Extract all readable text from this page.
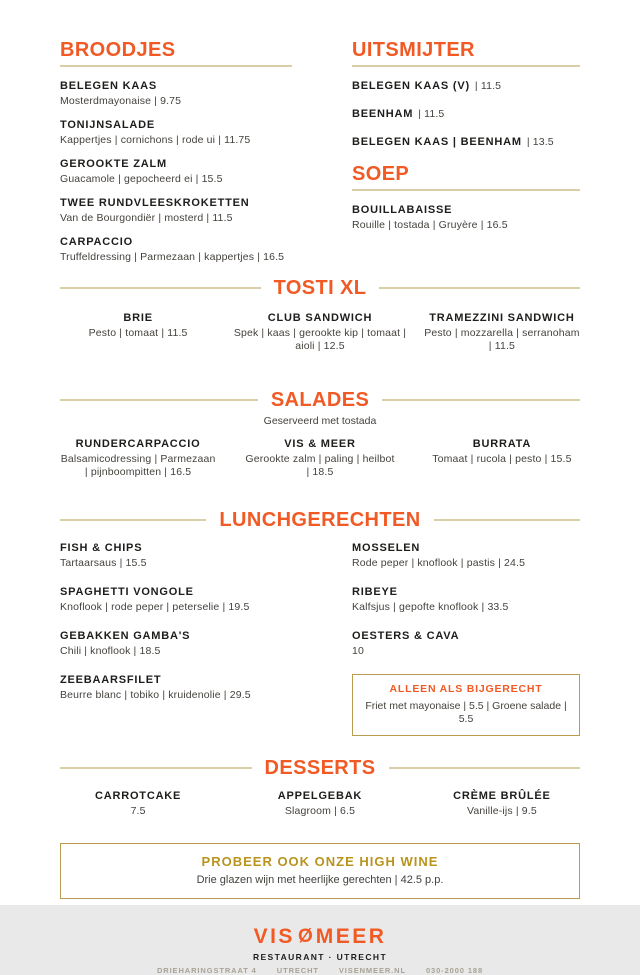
BROODJES
BELEGEN KAAS
Mosterdmayonaise | 9.75
TONIJNSALADE
Kappertjes | cornichons | rode ui | 11.75
GEROOKTE ZALM
Guacamole | gepocheerd ei | 15.5
TWEE RUNDVLEESKROKETTEN
Van de Bourgondiër | mosterd | 11.5
CARPACCIO
Truffeldressing | Parmezaan | kappertjes | 16.5
UITSMIJTER
BELEGEN KAAS (V) | 11.5
BEENHAM | 11.5
BELEGEN KAAS | BEENHAM | 13.5
SOEP
BOUILLABAISSE
Rouille | tostada | Gruyère | 16.5
TOSTI XL
BRIE
Pesto | tomaat | 11.5
CLUB SANDWICH
Spek | kaas | gerookte kip | tomaat | aioli | 12.5
TRAMEZZINI SANDWICH
Pesto | mozzarella | serranoham | 11.5
SALADES
Geserveerd met tostada
RUNDERCARPACCIO
Balsamicodressing | Parmezaan | pijnboompitten | 16.5
VIS & MEER
Gerookte zalm | paling | heilbot | 18.5
BURRATA
Tomaat | rucola | pesto | 15.5
LUNCHGERECHTEN
FISH & CHIPS
Tartaarsaus | 15.5
SPAGHETTI VONGOLE
Knoflook | rode peper | peterselie | 19.5
GEBAKKEN GAMBA'S
Chili | knoflook | 18.5
ZEEBAARSFILET
Beurre blanc | tobiko | kruidenolie | 29.5
MOSSELEN
Rode peper | knoflook | pastis | 24.5
RIBEYE
Kalfsjus | gepofte knoflook | 33.5
OESTERS & CAVA
10
ALLEEN ALS BIJGERECHT
Friet met mayonaise | 5.5 | Groene salade | 5.5
DESSERTS
CARROTCAKE
7.5
APPELGEBAK
Slagroom | 6.5
CRÈME BRÛLÉE
Vanille-ijs | 9.5
PROBEER OOK ONZE HIGH WINE
Drie glazen wijn met heerlijke gerechten | 42.5 p.p.
VIS Ø MEER
RESTAURANT · UTRECHT
DRIEHARINGSTRAAT 4	UTRECHT	VISENMEER.NL	030-2000 188
